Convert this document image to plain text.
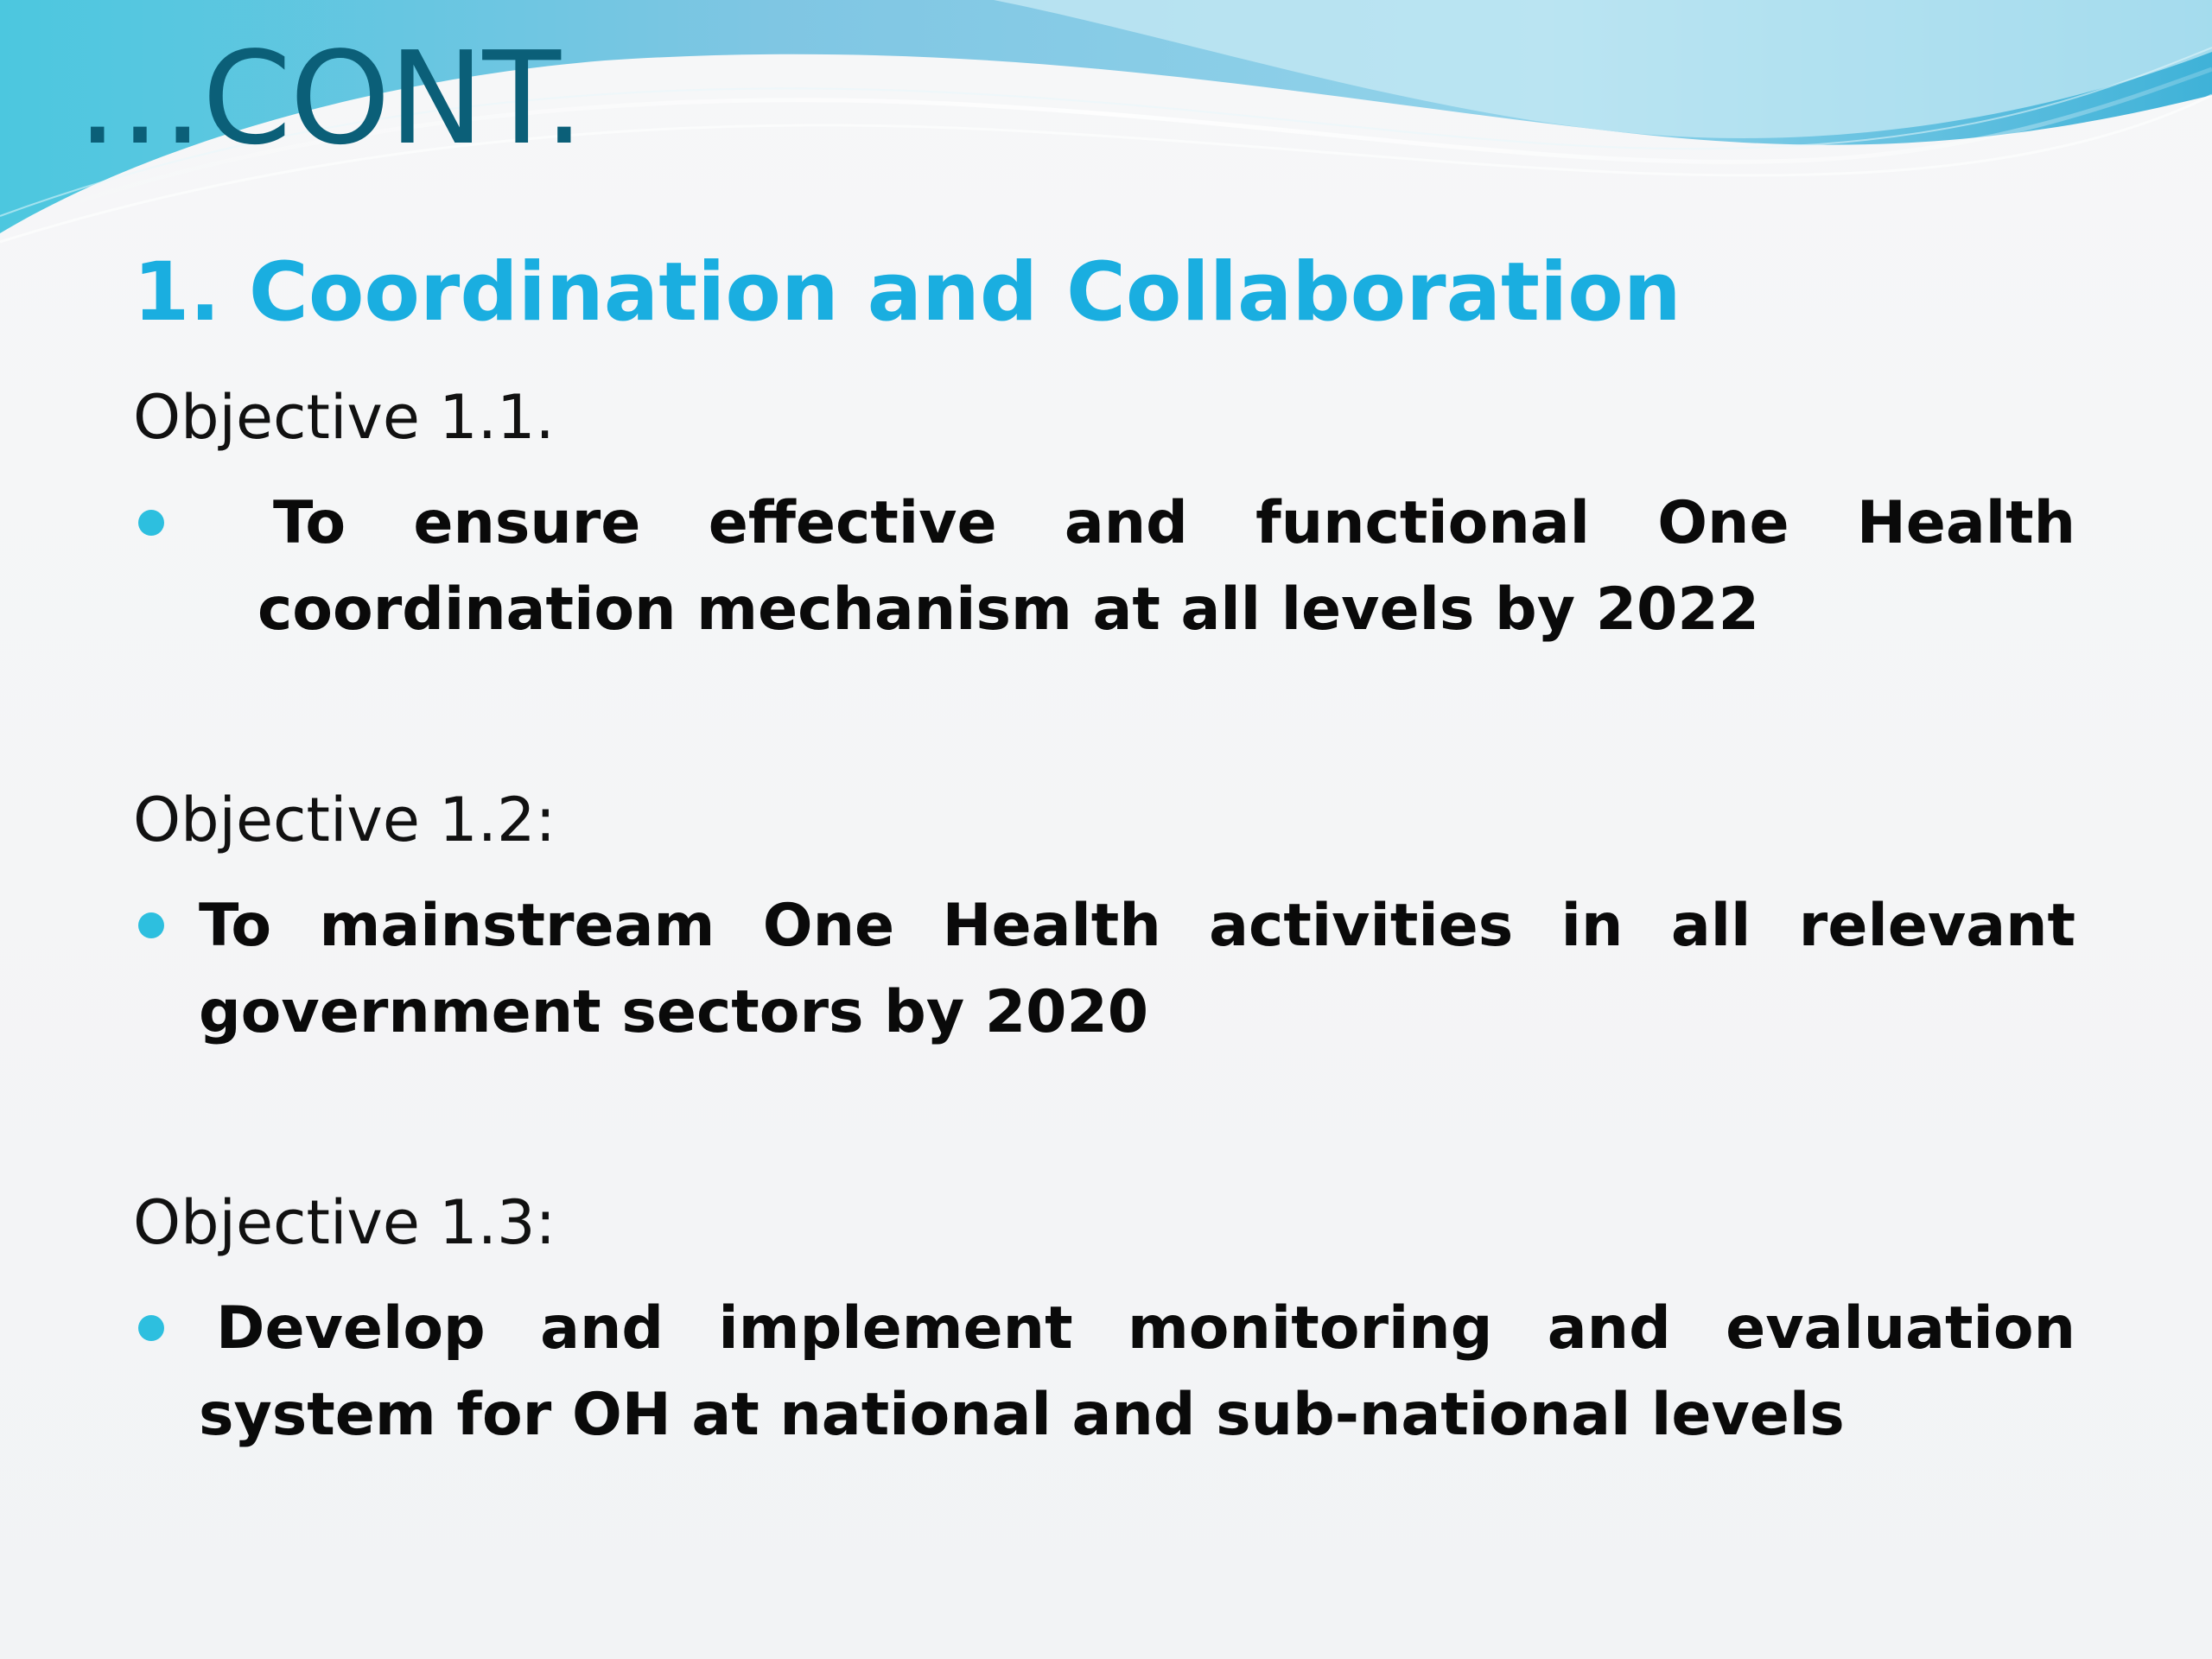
…CONT.
1. Coordination and Collaboration
Objective 1.1.

To ensure effective and functional One Health coordination mechanism at all levels by 2022

Objective 1.2:

To mainstream One Health activities in all relevant government sectors by 2020

Objective 1.3:

Develop and implement monitoring and evaluation system for OH at national and sub-national levels
